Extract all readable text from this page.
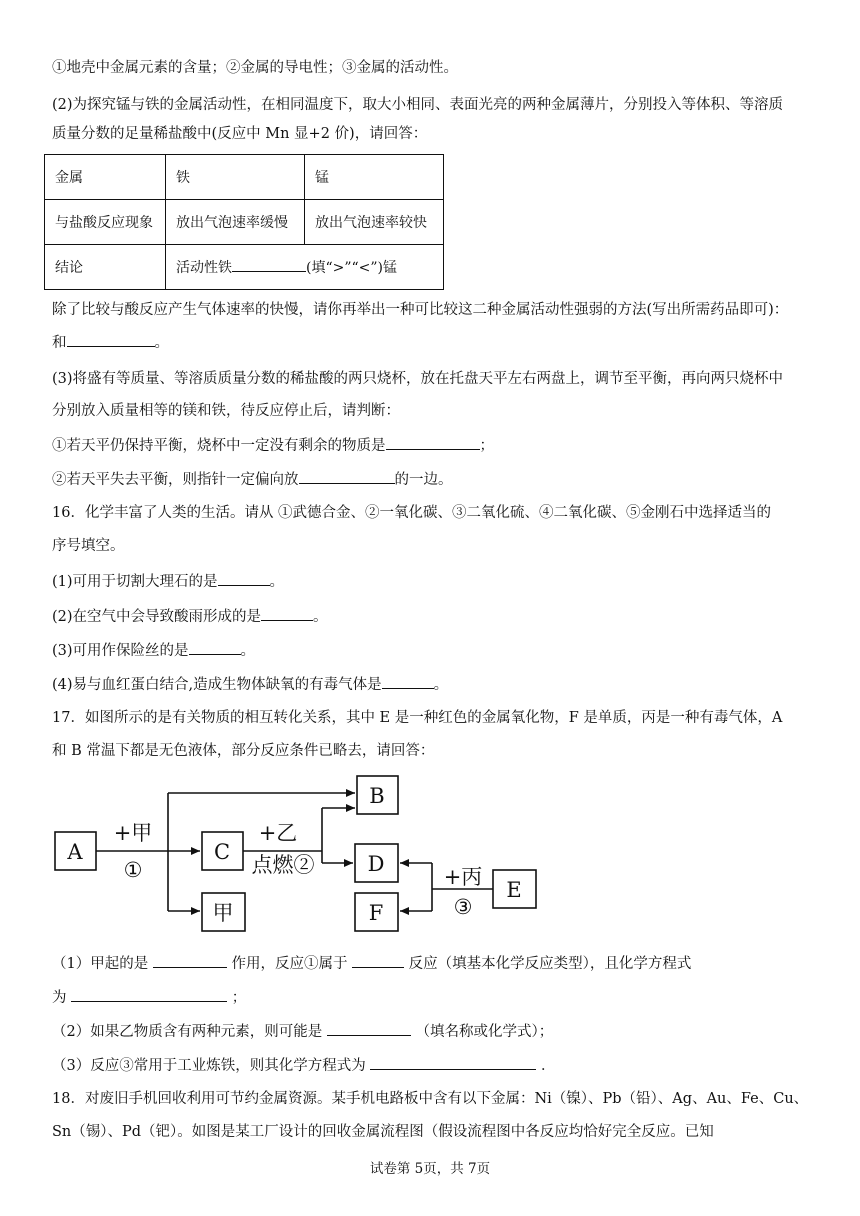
①地壳中金属元素的含量；②金属的导电性；③金属的活动性。
(2)为探究锰与铁的金属活动性，在相同温度下，取大小相同、表面光亮的两种金属薄片，分别投入等体积、等溶质
质量分数的足量稀盐酸中(反应中 Mn 显+2 价)，请回答：
金属	铁	锰
与盐酸反应现象	放出气泡速率缓慢	放出气泡速率较快
结论	活动性铁 (填“>”“<”)锰	
除了比较与酸反应产生气体速率的快慢，请你再举出一种可比较这二种金属活动性强弱的方法(写出所需药品即可)：
和	。
(3)将盛有等质量、等溶质质量分数的稀盐酸的两只烧杯，放在托盘天平左右两盘上，调节至平衡，再向两只烧杯中
分别放入质量相等的镁和铁，待反应停止后，请判断：
①若天平仍保持平衡，烧杯中一定没有剩余的物质是	；
②若天平失去平衡，则指针一定偏向放	的一边。
16．化学丰富了人类的生活。请从 ①武德合金、②一氧化碳、③二氧化硫、④二氧化碳、⑤金刚石中选择适当的
序号填空。
(1)可用于切割大理石的是	。
(2)在空气中会导致酸雨形成的是	。
(3)可用作保险丝的是	。
(4)易与血红蛋白结合,造成生物体缺氧的有毒气体是	。
17．如图所示的是有关物质的相互转化关系，其中 E 是一种红色的金属氧化物，F 是单质，丙是一种有毒气体，A
和 B 常温下都是无色液体，部分反应条件已略去，请回答：
A
B
C
甲
D
F
E
+甲
①
+乙
点燃②	+丙
③
（1）甲起的是	作用，反应①属于	反应（填基本化学反应类型），且化学方程式
为	；
（2）如果乙物质含有两种元素，则可能是	（填名称或化学式）；
（3）反应③常用于工业炼铁，则其化学方程式为	．
18．对废旧手机回收利用可节约金属资源。某手机电路板中含有以下金属：Ni（镍）、Pb（铅）、Ag、Au、Fe、Cu、
Sn（锡）、Pd（钯）。如图是某工厂设计的回收金属流程图（假设流程图中各反应均恰好完全反应。已知
试卷第 5页，共 7页
